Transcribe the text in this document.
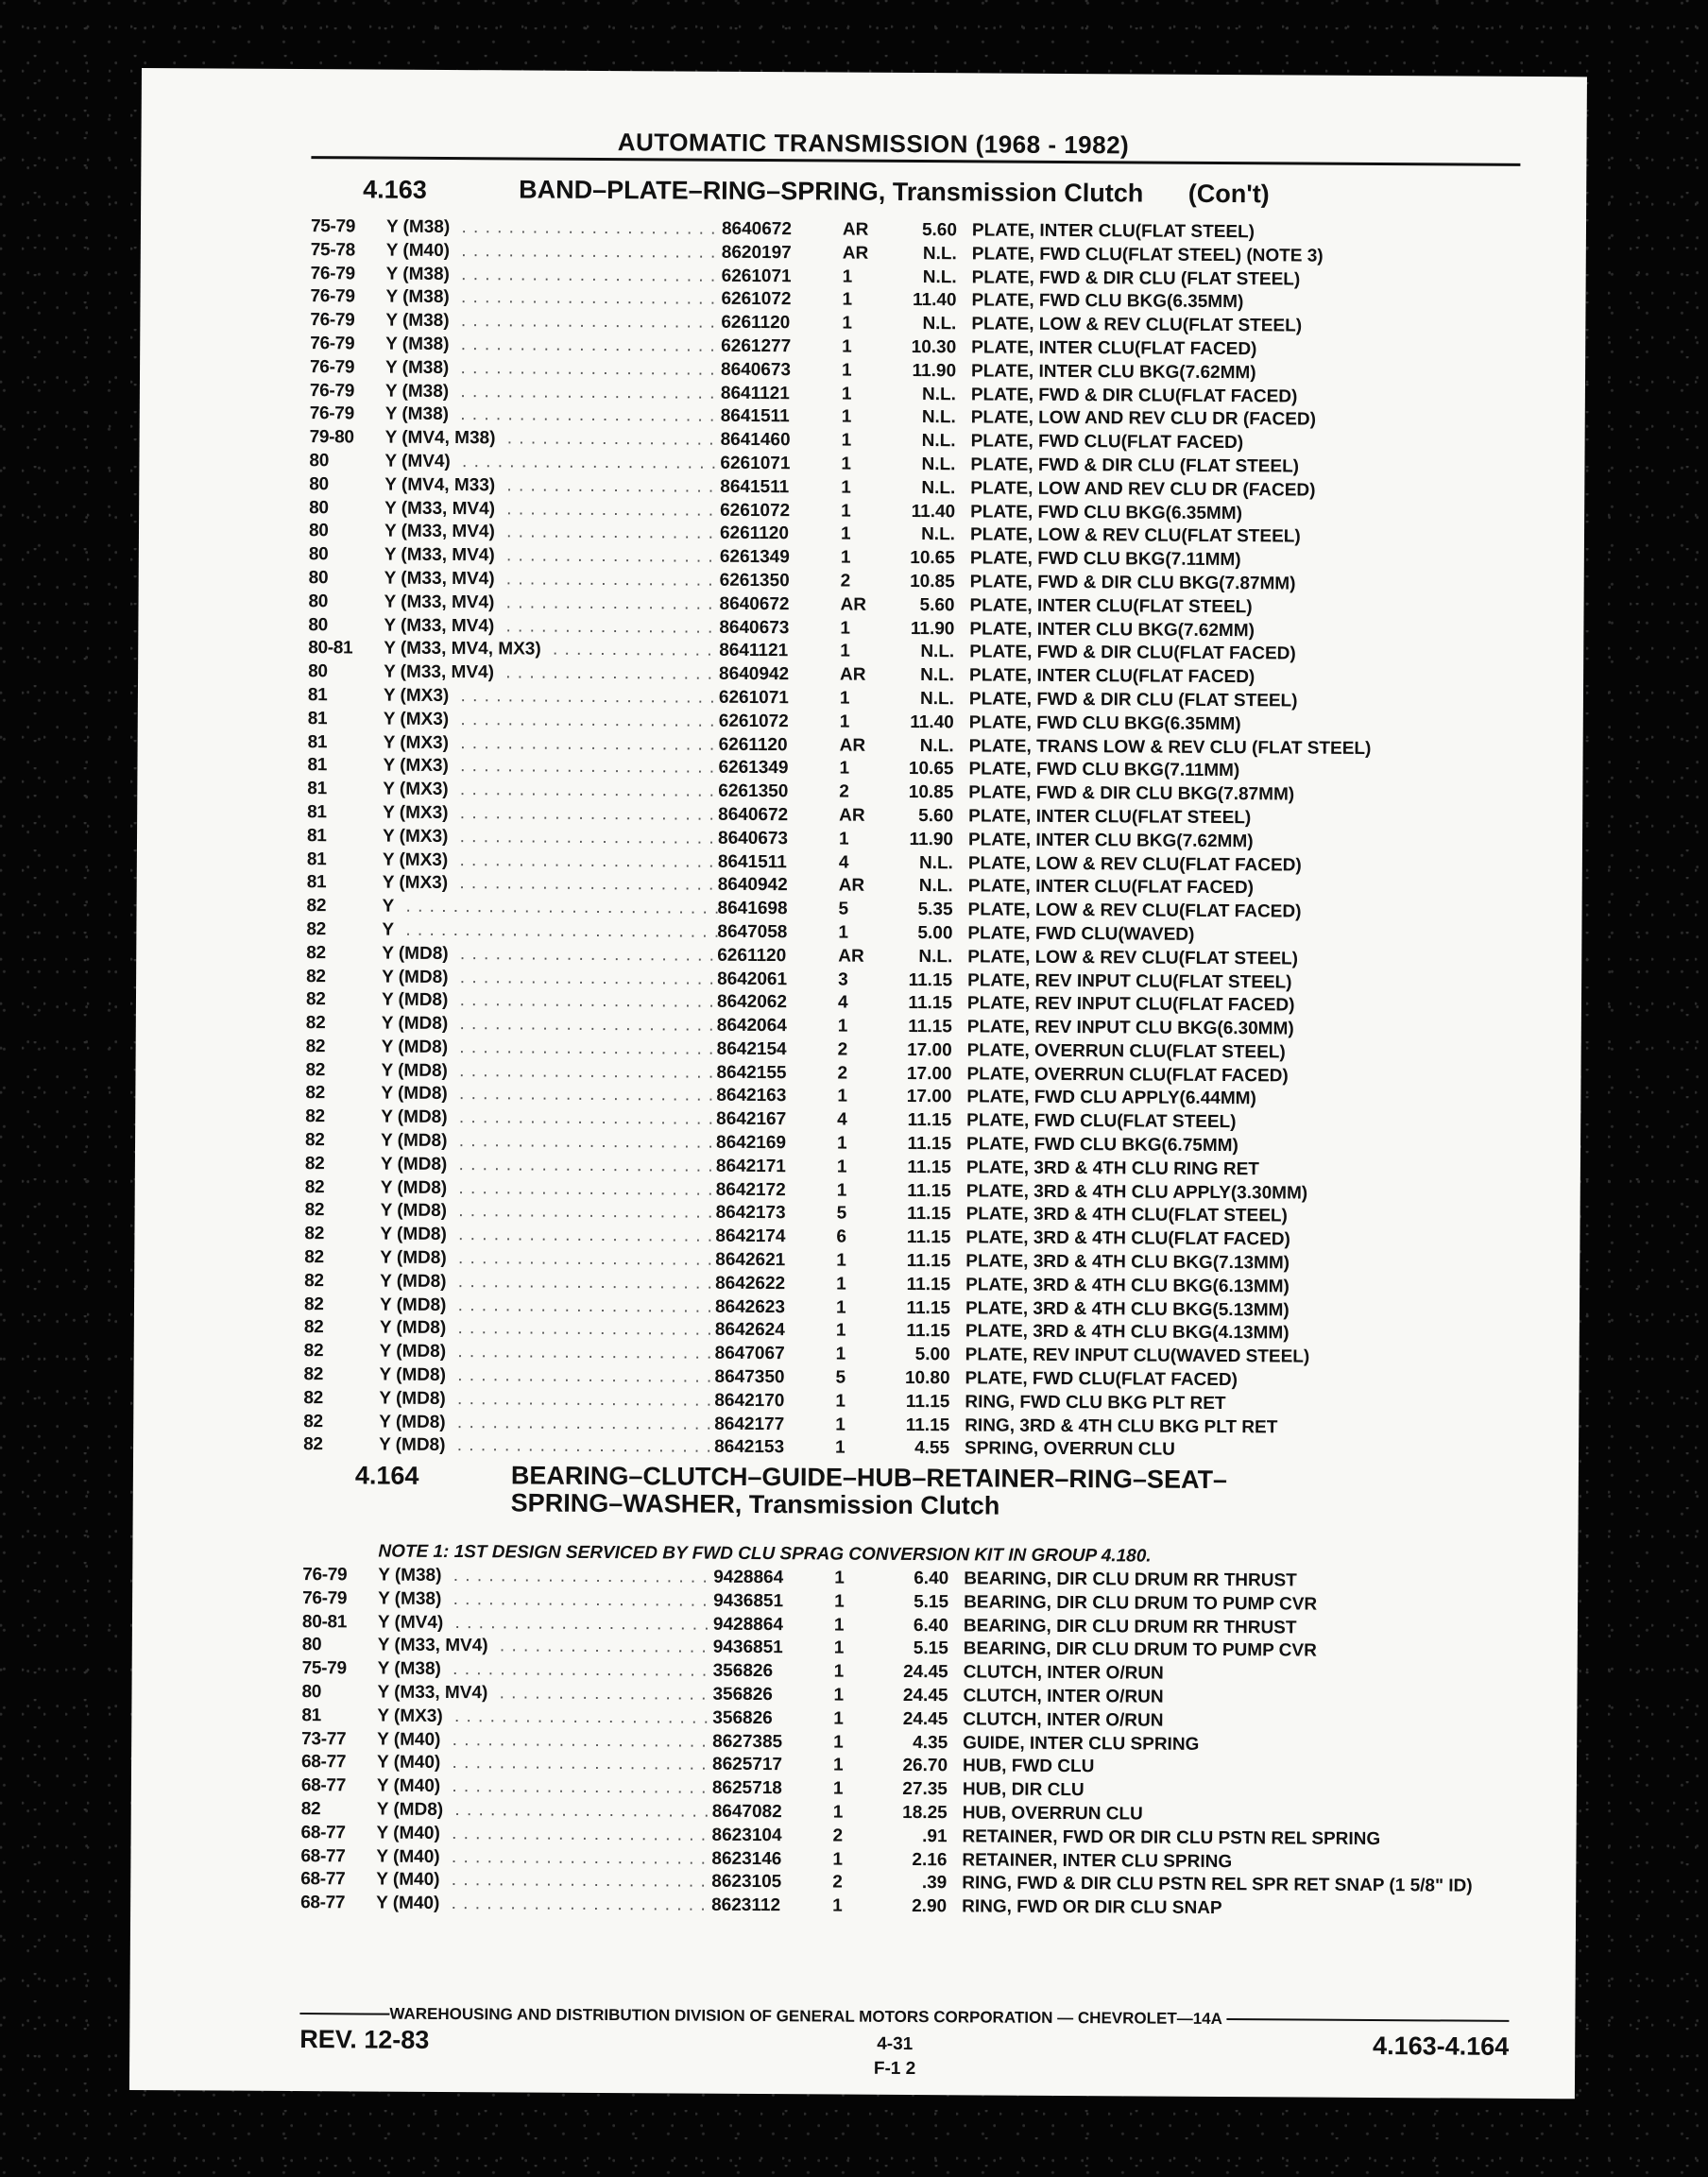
AUTOMATIC TRANSMISSION (1968 - 1982)
4.163	BAND–PLATE–RING–SPRING, Transmission Clutch (Con't)
75-79	Y (M38) . . .	8640672	AR	5.60 PLATE, INTER CLU(FLAT STEEL)
75-78	Y (M40) . . .	8620197	AR	N.L. PLATE, FWD CLU(FLAT STEEL) (NOTE 3)
76-79	Y (M38) . . .	6261071	1	N.L. PLATE, FWD & DIR CLU (FLAT STEEL)
76-79	Y (M38) . . .	6261072	1	11.40 PLATE, FWD CLU BKG(6.35MM)
76-79	Y (M38) . . .	6261120	1	N.L. PLATE, LOW & REV CLU(FLAT STEEL)
76-79	Y (M38) . . .	6261277	1	10.30 PLATE, INTER CLU(FLAT FACED)
76-79	Y (M38) . . .	8640673	1	11.90 PLATE, INTER CLU BKG(7.62MM)
76-79	Y (M38) . . .	8641121	1	N.L. PLATE, FWD & DIR CLU(FLAT FACED)
76-79	Y (M38) . . .	8641511	1	N.L. PLATE, LOW AND REV CLU DR (FACED)
79-80	Y (MV4, M38) . . .	8641460	1	N.L. PLATE, FWD CLU(FLAT FACED)
80	Y (MV4) . . .	6261071	1	N.L. PLATE, FWD & DIR CLU (FLAT STEEL)
80	Y (MV4, M33) . . .	8641511	1	N.L. PLATE, LOW AND REV CLU DR (FACED)
80	Y (M33, MV4) . . .	6261072	1	11.40 PLATE, FWD CLU BKG(6.35MM)
80	Y (M33, MV4) . . .	6261120	1	N.L. PLATE, LOW & REV CLU(FLAT STEEL)
80	Y (M33, MV4) . . .	6261349	1	10.65 PLATE, FWD CLU BKG(7.11MM)
80	Y (M33, MV4) . . .	6261350	2	10.85 PLATE, FWD & DIR CLU BKG(7.87MM)
80	Y (M33, MV4) . . .	8640672	AR	5.60 PLATE, INTER CLU(FLAT STEEL)
80	Y (M33, MV4) . . .	8640673	1	11.90 PLATE, INTER CLU BKG(7.62MM)
80-81	Y (M33, MV4, MX3) . . .	8641121	1	N.L. PLATE, FWD & DIR CLU(FLAT FACED)
80	Y (M33, MV4) . . .	8640942	AR	N.L. PLATE, INTER CLU(FLAT FACED)
81	Y (MX3) . . .	6261071	1	N.L. PLATE, FWD & DIR CLU (FLAT STEEL)
81	Y (MX3) . . .	6261072	1	11.40 PLATE, FWD CLU BKG(6.35MM)
81	Y (MX3) . . .	6261120	AR	N.L. PLATE, TRANS LOW & REV CLU (FLAT STEEL)
81	Y (MX3) . . .	6261349	1	10.65 PLATE, FWD CLU BKG(7.11MM)
81	Y (MX3) . . .	6261350	2	10.85 PLATE, FWD & DIR CLU BKG(7.87MM)
81	Y (MX3) . . .	8640672	AR	5.60 PLATE, INTER CLU(FLAT STEEL)
81	Y (MX3) . . .	8640673	1	11.90 PLATE, INTER CLU BKG(7.62MM)
81	Y (MX3) . . .	8641511	4	N.L. PLATE, LOW & REV CLU(FLAT FACED)
81	Y (MX3) . . .	8640942	AR	N.L. PLATE, INTER CLU(FLAT FACED)
82	Y . . .	8641698	5	5.35 PLATE, LOW & REV CLU(FLAT FACED)
82	Y . . .	8647058	1	5.00 PLATE, FWD CLU(WAVED)
82	Y (MD8) . . .	6261120	AR	N.L. PLATE, LOW & REV CLU(FLAT STEEL)
82	Y (MD8) . . .	8642061	3	11.15 PLATE, REV INPUT CLU(FLAT STEEL)
82	Y (MD8) . . .	8642062	4	11.15 PLATE, REV INPUT CLU(FLAT FACED)
82	Y (MD8) . . .	8642064	1	11.15 PLATE, REV INPUT CLU BKG(6.30MM)
82	Y (MD8) . . .	8642154	2	17.00 PLATE, OVERRUN CLU(FLAT STEEL)
82	Y (MD8) . . .	8642155	2	17.00 PLATE, OVERRUN CLU(FLAT FACED)
82	Y (MD8) . . .	8642163	1	17.00 PLATE, FWD CLU APPLY(6.44MM)
82	Y (MD8) . . .	8642167	4	11.15 PLATE, FWD CLU(FLAT STEEL)
82	Y (MD8) . . .	8642169	1	11.15 PLATE, FWD CLU BKG(6.75MM)
82	Y (MD8) . . .	8642171	1	11.15 PLATE, 3RD & 4TH CLU RING RET
82	Y (MD8) . . .	8642172	1	11.15 PLATE, 3RD & 4TH CLU APPLY(3.30MM)
82	Y (MD8) . . .	8642173	5	11.15 PLATE, 3RD & 4TH CLU(FLAT STEEL)
82	Y (MD8) . . .	8642174	6	11.15 PLATE, 3RD & 4TH CLU(FLAT FACED)
82	Y (MD8) . . .	8642621	1	11.15 PLATE, 3RD & 4TH CLU BKG(7.13MM)
82	Y (MD8) . . .	8642622	1	11.15 PLATE, 3RD & 4TH CLU BKG(6.13MM)
82	Y (MD8) . . .	8642623	1	11.15 PLATE, 3RD & 4TH CLU BKG(5.13MM)
82	Y (MD8) . . .	8642624	1	11.15 PLATE, 3RD & 4TH CLU BKG(4.13MM)
82	Y (MD8) . . .	8647067	1	5.00 PLATE, REV INPUT CLU(WAVED STEEL)
82	Y (MD8) . . .	8647350	5	10.80 PLATE, FWD CLU(FLAT FACED)
82	Y (MD8) . . .	8642170	1	11.15 RING, FWD CLU BKG PLT RET
82	Y (MD8) . . .	8642177	1	11.15 RING, 3RD & 4TH CLU BKG PLT RET
82	Y (MD8) . . .	8642153	1	4.55 SPRING, OVERRUN CLU
4.164	BEARING–CLUTCH–GUIDE–HUB–RETAINER–RING–SEAT–
SPRING–WASHER, Transmission Clutch
NOTE 1: 1ST DESIGN SERVICED BY FWD CLU SPRAG CONVERSION KIT IN GROUP 4.180.
76-79	Y (M38) . . .	9428864	1	6.40 BEARING, DIR CLU DRUM RR THRUST
76-79	Y (M38) . . .	9436851	1	5.15 BEARING, DIR CLU DRUM TO PUMP CVR
80-81	Y (MV4) . . .	9428864	1	6.40 BEARING, DIR CLU DRUM RR THRUST
80	Y (M33, MV4) . . .	9436851	1	5.15 BEARING, DIR CLU DRUM TO PUMP CVR
75-79	Y (M38) . . .	356826	1	24.45 CLUTCH, INTER O/RUN
80	Y (M33, MV4) . . .	356826	1	24.45 CLUTCH, INTER O/RUN
81	Y (MX3) . . .	356826	1	24.45 CLUTCH, INTER O/RUN
73-77	Y (M40) . . .	8627385	1	4.35 GUIDE, INTER CLU SPRING
68-77	Y (M40) . . .	8625717	1	26.70 HUB, FWD CLU
68-77	Y (M40) . . .	8625718	1	27.35 HUB, DIR CLU
82	Y (MD8) . . .	8647082	1	18.25 HUB, OVERRUN CLU
68-77	Y (M40) . . .	8623104	2	.91 RETAINER, FWD OR DIR CLU PSTN REL SPRING
68-77	Y (M40) . . .	8623146	1	2.16 RETAINER, INTER CLU SPRING
68-77	Y (M40) . . .	8623105	2	.39 RING, FWD & DIR CLU PSTN REL SPR RET SNAP (1 5/8" ID)
68-77	Y (M40) . . .	8623112	1	2.90 RING, FWD OR DIR CLU SNAP
WAREHOUSING AND DISTRIBUTION DIVISION OF GENERAL MOTORS CORPORATION — CHEVROLET—14A
REV. 12-83	4-31
F-1 2
4.163-4.164
